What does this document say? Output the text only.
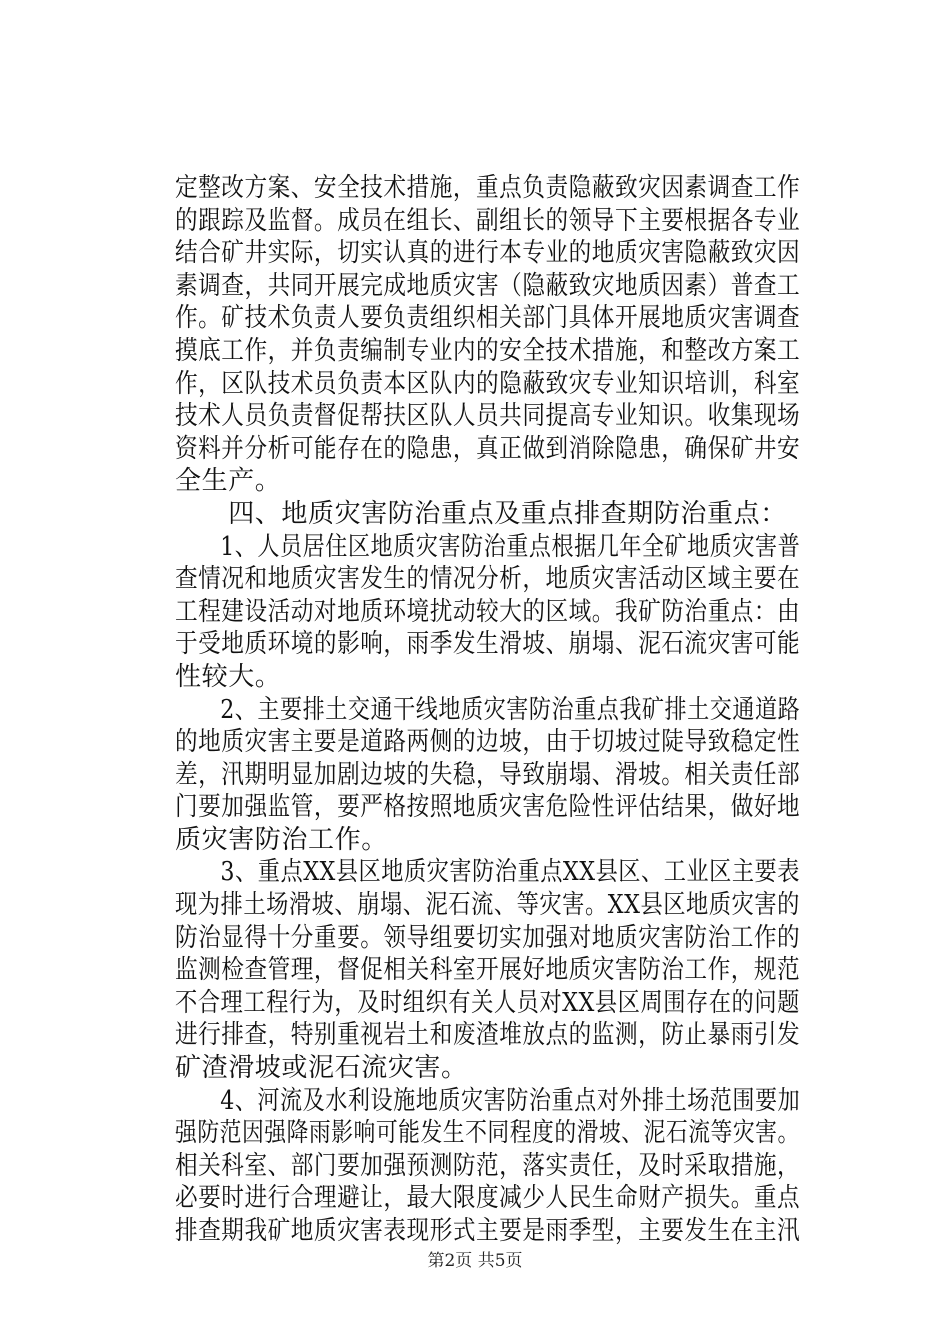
定整改方案、安全技术措施，重点负责隐蔽致灾因素调查工作
的跟踪及监督。成员在组长、副组长的领导下主要根据各专业
结合矿井实际，切实认真的进行本专业的地质灾害隐蔽致灾因
素调查，共同开展完成地质灾害（隐蔽致灾地质因素）普查工
作。矿技术负责人要负责组织相关部门具体开展地质灾害调查
摸底工作，并负责编制专业内的安全技术措施，和整改方案工
作，区队技术员负责本区队内的隐蔽致灾专业知识培训，科室
技术人员负责督促帮扶区队人员共同提高专业知识。收集现场
资料并分析可能存在的隐患，真正做到消除隐患，确保矿井安
全生产。
　　四、地质灾害防治重点及重点排查期防治重点：
　　1、人员居住区地质灾害防治重点根据几年全矿地质灾害普
查情况和地质灾害发生的情况分析，地质灾害活动区域主要在
工程建设活动对地质环境扰动较大的区域。我矿防治重点：由
于受地质环境的影响，雨季发生滑坡、崩塌、泥石流灾害可能
性较大。
　　2、主要排土交通干线地质灾害防治重点我矿排土交通道路
的地质灾害主要是道路两侧的边坡，由于切坡过陡导致稳定性
差，汛期明显加剧边坡的失稳，导致崩塌、滑坡。相关责任部
门要加强监管，要严格按照地质灾害危险性评估结果，做好地
质灾害防治工作。
　　3、重点XX县区地质灾害防治重点XX县区、工业区主要表
现为排土场滑坡、崩塌、泥石流、等灾害。XX县区地质灾害的
防治显得十分重要。领导组要切实加强对地质灾害防治工作的
监测检查管理，督促相关科室开展好地质灾害防治工作，规范
不合理工程行为，及时组织有关人员对XX县区周围存在的问题
进行排查，特别重视岩土和废渣堆放点的监测，防止暴雨引发
矿渣滑坡或泥石流灾害。
　　4、河流及水利设施地质灾害防治重点对外排土场范围要加
强防范因强降雨影响可能发生不同程度的滑坡、泥石流等灾害。
相关科室、部门要加强预测防范，落实责任，及时采取措施，
必要时进行合理避让，最大限度减少人民生命财产损失。重点
排查期我矿地质灾害表现形式主要是雨季型，主要发生在主汛
第2页 共5页
